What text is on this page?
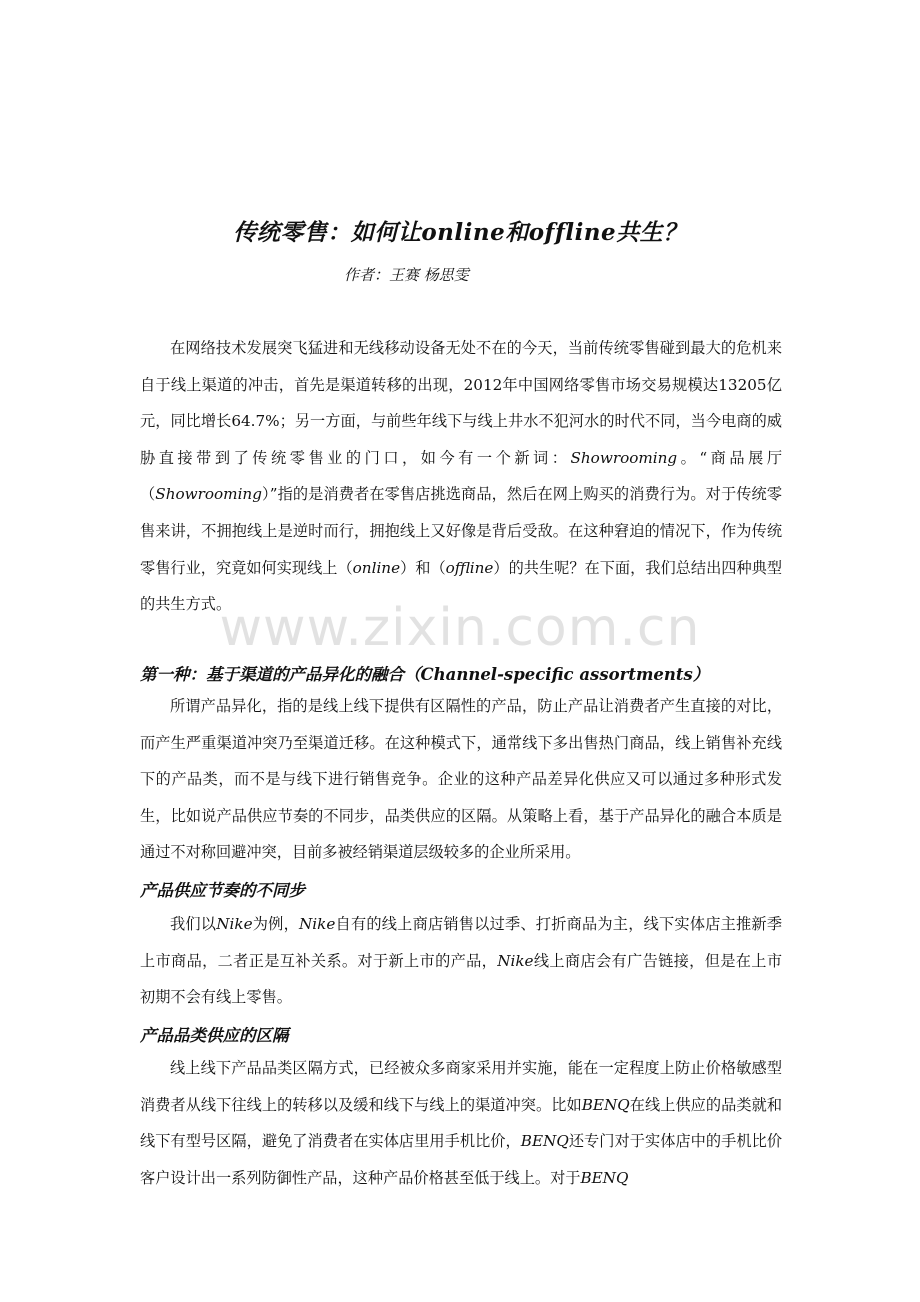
传统零售：如何让online和offline共生？
作者：王赛 杨思雯

在网络技术发展突飞猛进和无线移动设备无处不在的今天，当前传统零售碰到最大的危机来自于线上渠道的冲击，首先是渠道转移的出现，2012年中国网络零售市场交易规模达13205亿元，同比增长64.7%；另一方面，与前些年线下与线上井水不犯河水的时代不同，当今电商的威胁直接带到了传统零售业的门口，如今有一个新词：Showrooming。“商品展厅（Showrooming）”指的是消费者在零售店挑选商品，然后在网上购买的消费行为。对于传统零售来讲，不拥抱线上是逆时而行，拥抱线上又好像是背后受敌。在这种窘迫的情况下，作为传统零售行业，究竟如何实现线上（online）和（offline）的共生呢？在下面，我们总结出四种典型的共生方式。

www.zixin.com.cn
第一种：基于渠道的产品异化的融合（Channel-specific assortments）

所谓产品异化，指的是线上线下提供有区隔性的产品，防止产品让消费者产生直接的对比，而产生严重渠道冲突乃至渠道迁移。在这种模式下，通常线下多出售热门商品，线上销售补充线下的产品类，而不是与线下进行销售竞争。企业的这种产品差异化供应又可以通过多种形式发生，比如说产品供应节奏的不同步，品类供应的区隔。从策略上看，基于产品异化的融合本质是通过不对称回避冲突，目前多被经销渠道层级较多的企业所采用。

产品供应节奏的不同步

我们以Nike为例，Nike自有的线上商店销售以过季、打折商品为主，线下实体店主推新季上市商品，二者正是互补关系。对于新上市的产品，Nike线上商店会有广告链接，但是在上市初期不会有线上零售。

产品品类供应的区隔

线上线下产品品类区隔方式，已经被众多商家采用并实施，能在一定程度上防止价格敏感型消费者从线下往线上的转移以及缓和线下与线上的渠道冲突。比如BENQ在线上供应的品类就和线下有型号区隔，避免了消费者在实体店里用手机比价，BENQ还专门对于实体店中的手机比价客户设计出一系列防御性产品，这种产品价格甚至低于线上。对于BENQ
